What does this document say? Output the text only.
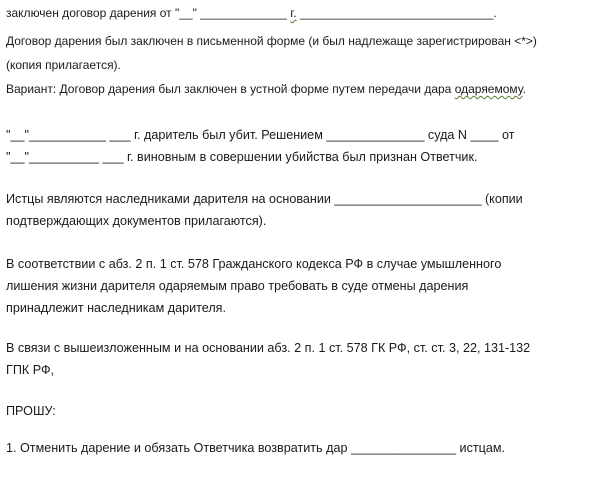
заключен договор дарения от "__" _____________ г. _____________________________.
Договор дарения был заключен в письменной форме (и был надлежаще зарегистрирован <*>)
(копия прилагается).
Вариант: Договор дарения был заключен в устной форме путем передачи дара одаряемому.
"__"___________ ___ г. даритель был убит. Решением ______________ суда N ____ от
"__"__________ ___ г. виновным в совершении убийства был признан Ответчик.
Истцы являются наследниками дарителя на основании _____________________ (копии
подтверждающих документов прилагаются).
В соответствии с абз. 2 п. 1 ст. 578 Гражданского кодекса РФ в случае умышленного
лишения жизни дарителя одаряемым право требовать в суде отмены дарения
принадлежит наследникам дарителя.
В связи с вышеизложенным и на основании абз. 2 п. 1 ст. 578 ГК РФ, ст. ст. 3, 22, 131-132
ГПК РФ,
ПРОШУ:
1. Отменить дарение и обязать Ответчика возвратить дар _______________ истцам.
